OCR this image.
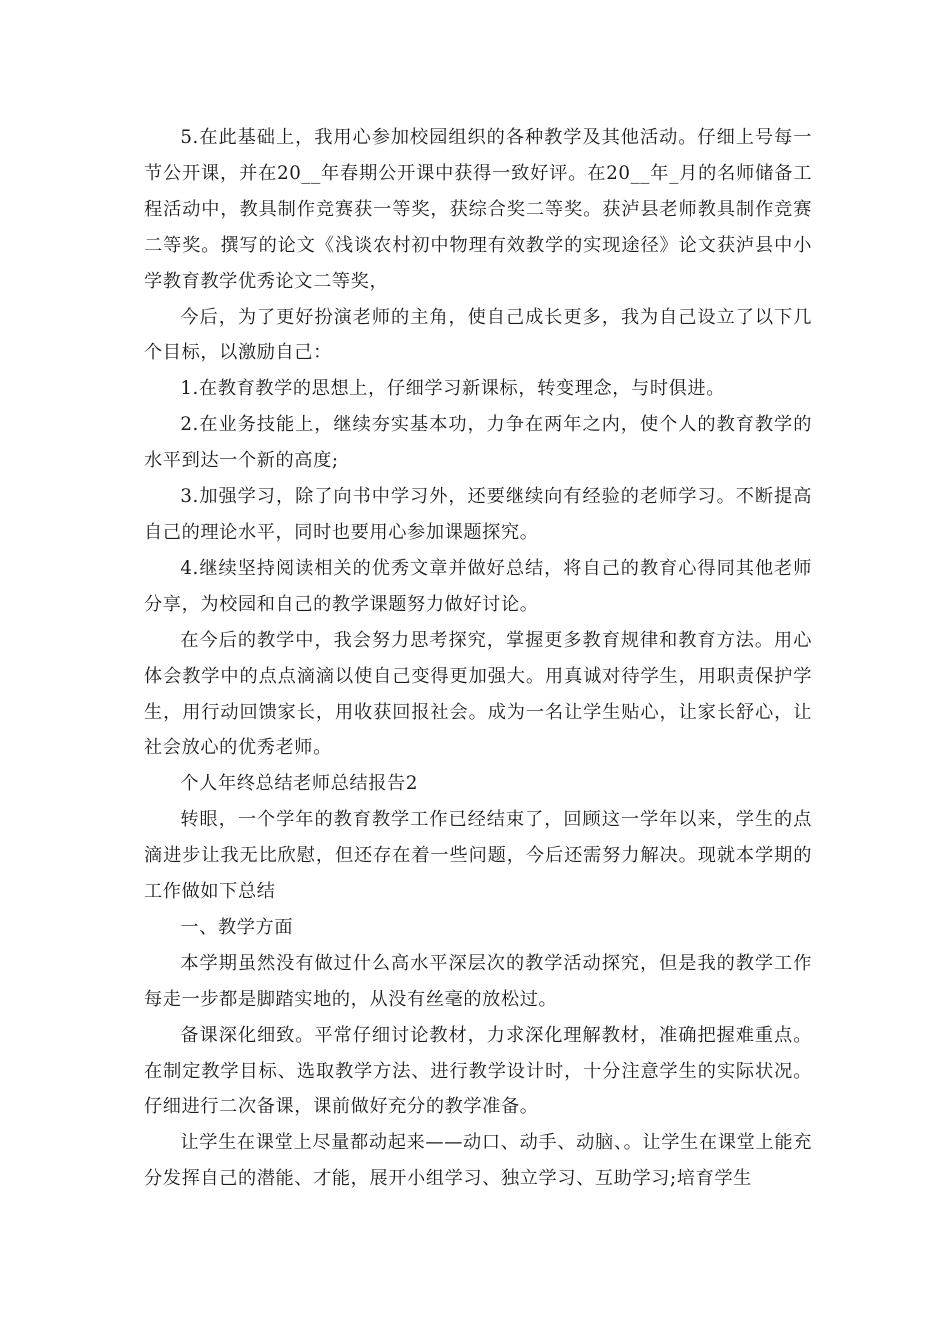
5.在此基础上，我用心参加校园组织的各种教学及其他活动。仔细上号每一节公开课，并在20__年春期公开课中获得一致好评。在20__年_月的名师储备工程活动中，教具制作竞赛获一等奖，获综合奖二等奖。获泸县老师教具制作竞赛二等奖。撰写的论文《浅谈农村初中物理有效教学的实现途径》论文获泸县中小学教育教学优秀论文二等奖，

今后，为了更好扮演老师的主角，使自己成长更多，我为自己设立了以下几个目标，以激励自己：

1.在教育教学的思想上，仔细学习新课标，转变理念，与时俱进。

2.在业务技能上，继续夯实基本功，力争在两年之内，使个人的教育教学的水平到达一个新的高度;

3.加强学习，除了向书中学习外，还要继续向有经验的老师学习。不断提高自己的理论水平，同时也要用心参加课题探究。

4.继续坚持阅读相关的优秀文章并做好总结，将自己的教育心得同其他老师分享，为校园和自己的教学课题努力做好讨论。

在今后的教学中，我会努力思考探究，掌握更多教育规律和教育方法。用心体会教学中的点点滴滴以使自己变得更加强大。用真诚对待学生，用职责保护学生，用行动回馈家长，用收获回报社会。成为一名让学生贴心，让家长舒心，让社会放心的优秀老师。

个人年终总结老师总结报告2

转眼，一个学年的教育教学工作已经结束了，回顾这一学年以来，学生的点滴进步让我无比欣慰，但还存在着一些问题，今后还需努力解决。现就本学期的工作做如下总结

一、教学方面

本学期虽然没有做过什么高水平深层次的教学活动探究，但是我的教学工作每走一步都是脚踏实地的，从没有丝毫的放松过。

备课深化细致。平常仔细讨论教材，力求深化理解教材，准确把握难重点。在制定教学目标、选取教学方法、进行教学设计时，十分注意学生的实际状况。仔细进行二次备课，课前做好充分的教学准备。

让学生在课堂上尽量都动起来——动口、动手、动脑、。让学生在课堂上能充分发挥自己的潜能、才能，展开小组学习、独立学习、互助学习;培育学生
